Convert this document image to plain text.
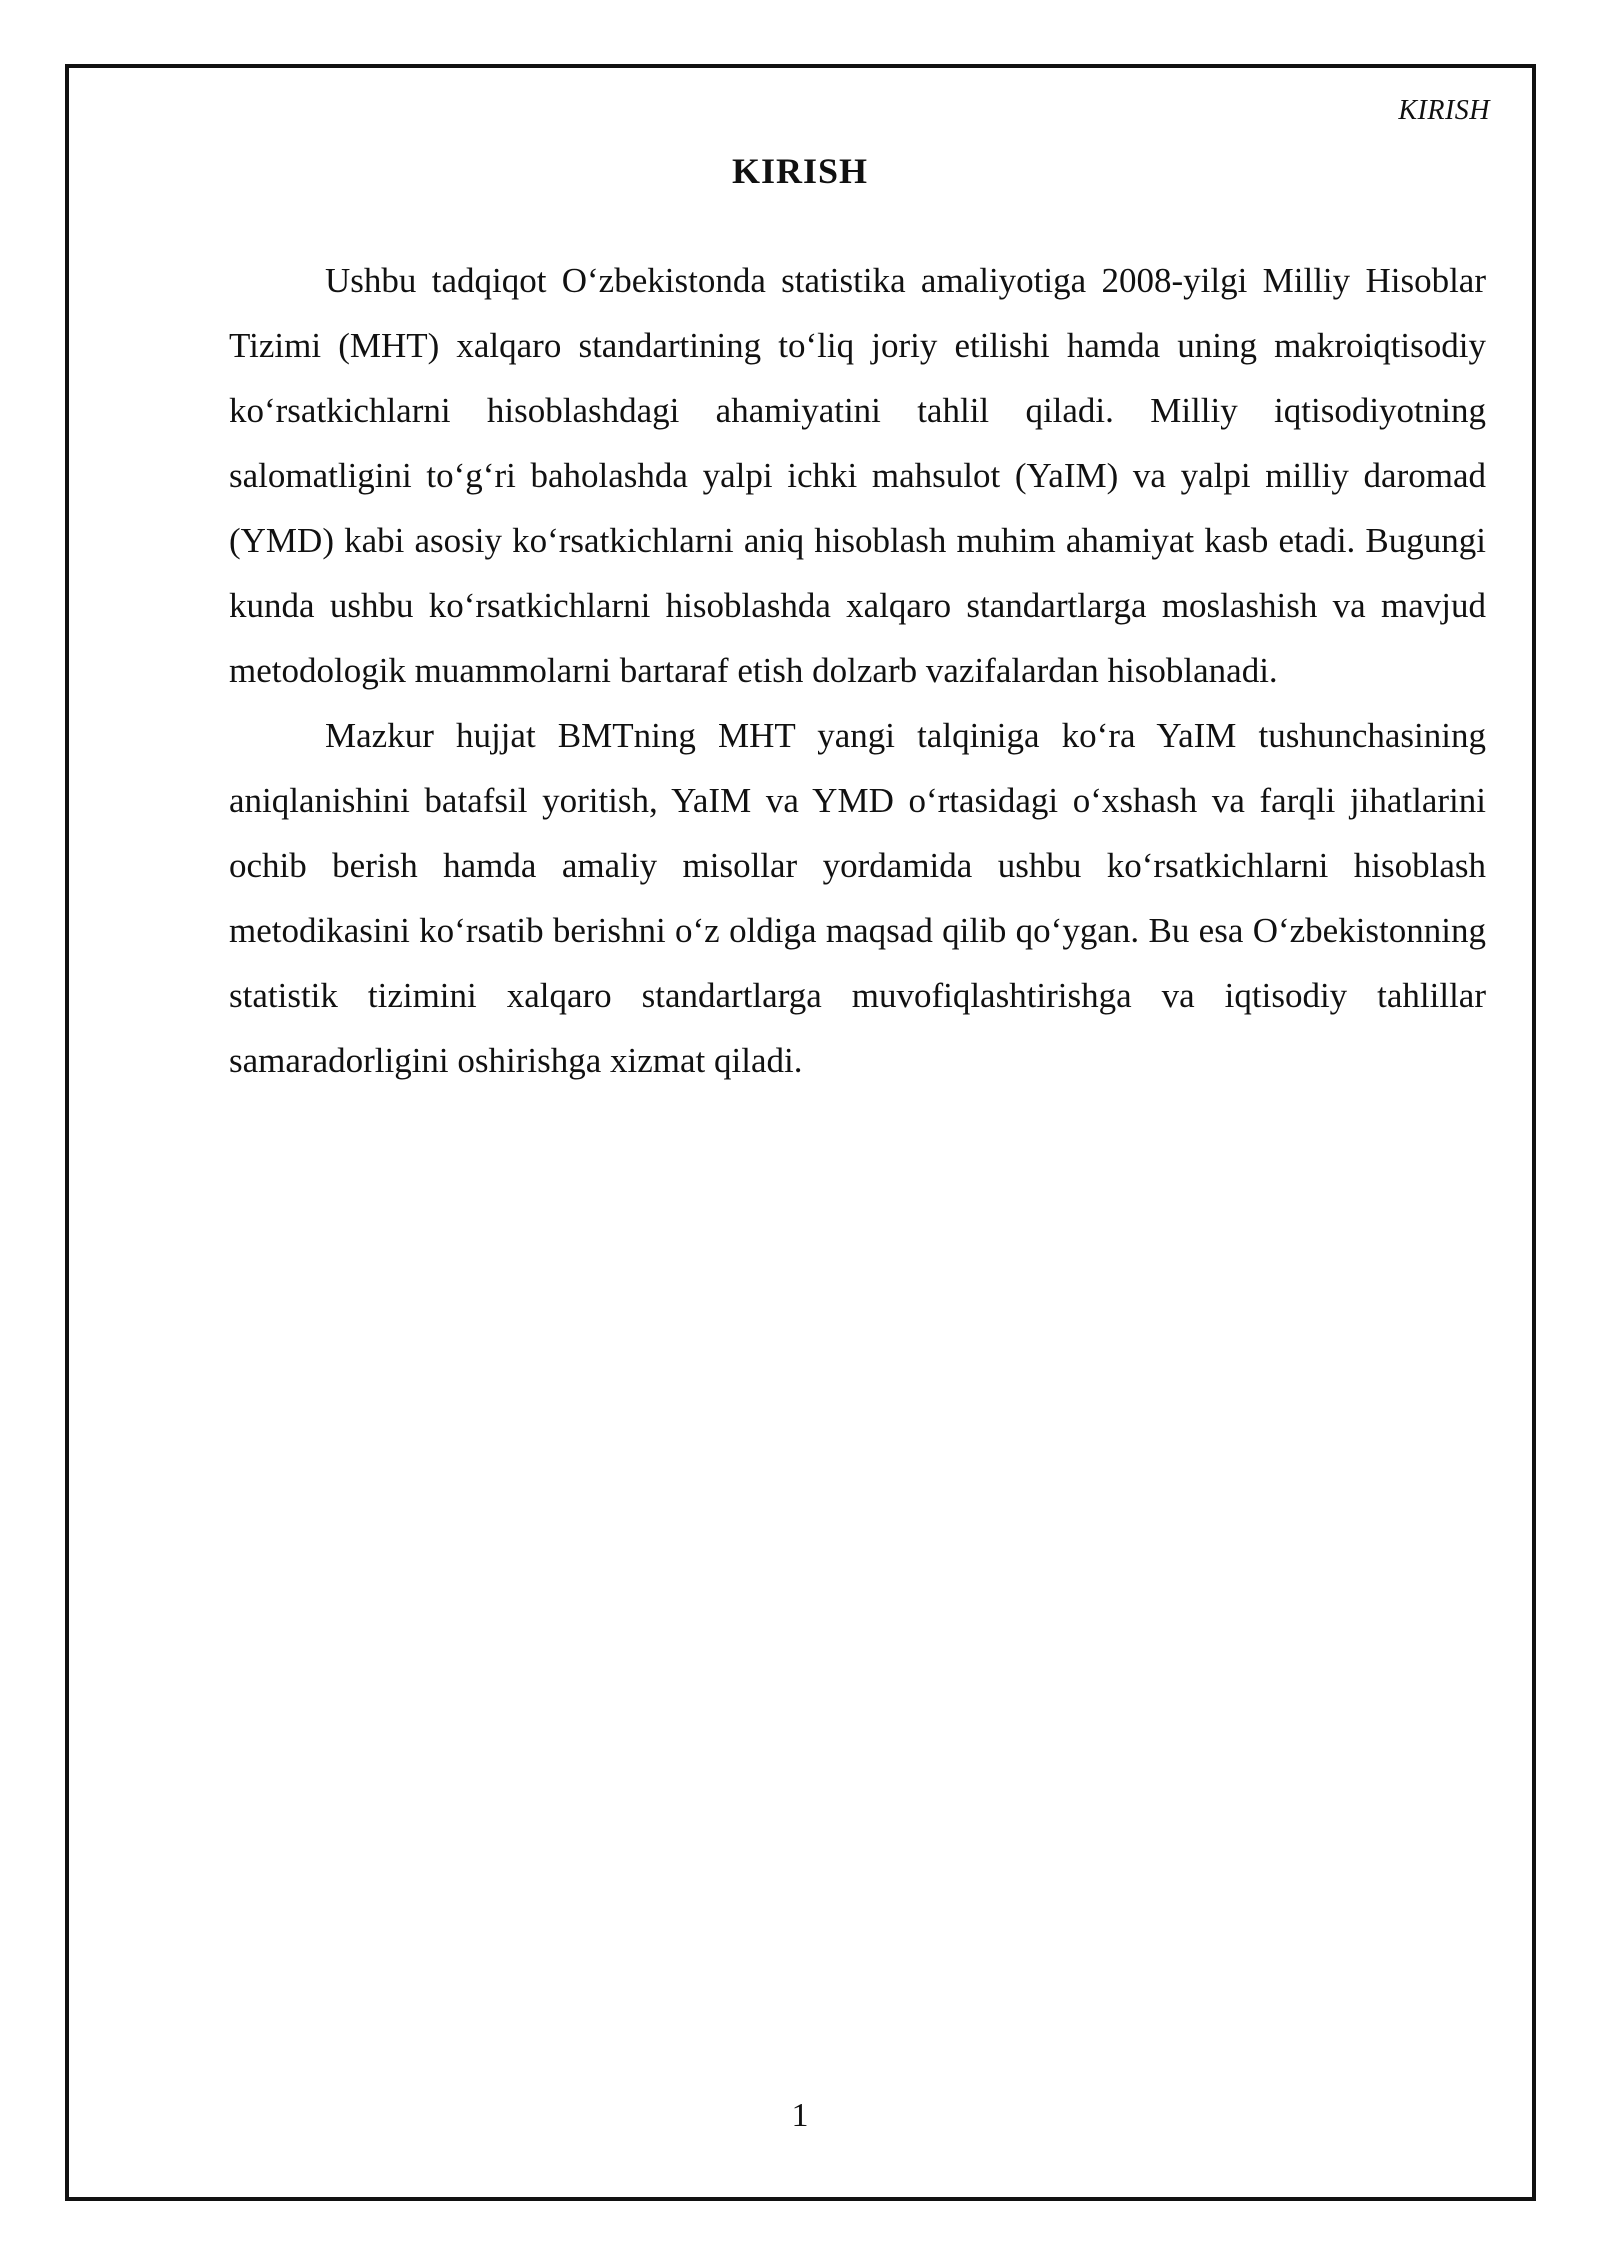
KIRISH
KIRISH

Ushbu tadqiqot O‘zbekistonda statistika amaliyotiga 2008-yilgi Milliy Hisoblar Tizimi (MHT) xalqaro standartining to‘liq joriy etilishi hamda uning makroiqtisodiy ko‘rsatkichlarni hisoblashdagi ahamiyatini tahlil qiladi. Milliy iqtisodiyotning salomatligini to‘g‘ri baholashda yalpi ichki mahsulot (YaIM) va yalpi milliy daromad (YMD) kabi asosiy ko‘rsatkichlarni aniq hisoblash muhim ahamiyat kasb etadi. Bugungi kunda ushbu ko‘rsatkichlarni hisoblashda xalqaro standartlarga moslashish va mavjud metodologik muammolarni bartaraf etish dolzarb vazifalardan hisoblanadi.

Mazkur hujjat BMTning MHT yangi talqiniga ko‘ra YaIM tushunchasining aniqlanishini batafsil yoritish, YaIM va YMD o‘rtasidagi o‘xshash va farqli jihatlarini ochib berish hamda amaliy misollar yordamida ushbu ko‘rsatkichlarni hisoblash metodikasini ko‘rsatib berishni o‘z oldiga maqsad qilib qo‘ygan. Bu esa O‘zbekistonning statistik tizimini xalqaro standartlarga muvofiqlashtirishga va iqtisodiy tahlillar samaradorligini oshirishga xizmat qiladi.

1
